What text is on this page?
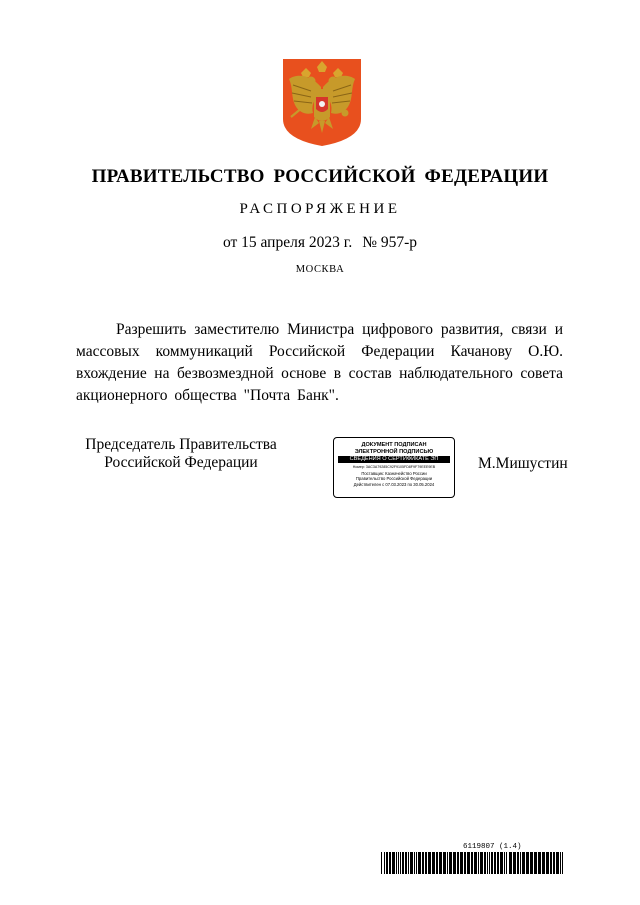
ПРАВИТЕЛЬСТВО РОССИЙСКОЙ ФЕДЕРАЦИИ
РАСПОРЯЖЕНИЕ
от 15 апреля 2023 г. № 957-р
МОСКВА
Разрешить заместителю Министра цифрового развития, связи и массовых коммуникаций Российской Федерации Качанову О.Ю. вхождение на безвозмездной основе в состав наблюдательного совета акционерного общества "Почта Банк".
Председатель Правительства
Российской Федерации
ДОКУМЕНТ ПОДПИСАН
ЭЛЕКТРОННОЙ ПОДПИСЬЮ
СВЕДЕНИЯ О СЕРТИФИКАТЕ ЭП
Номер: 3AC3A79285C92F9105FD8F9F79EEE9EB
Поставщик: Казначейство России
Правительство Российской Федерации
Действителен с 07.03.2023 по 30.05.2024
М.Мишустин
6119807 (1.4)
